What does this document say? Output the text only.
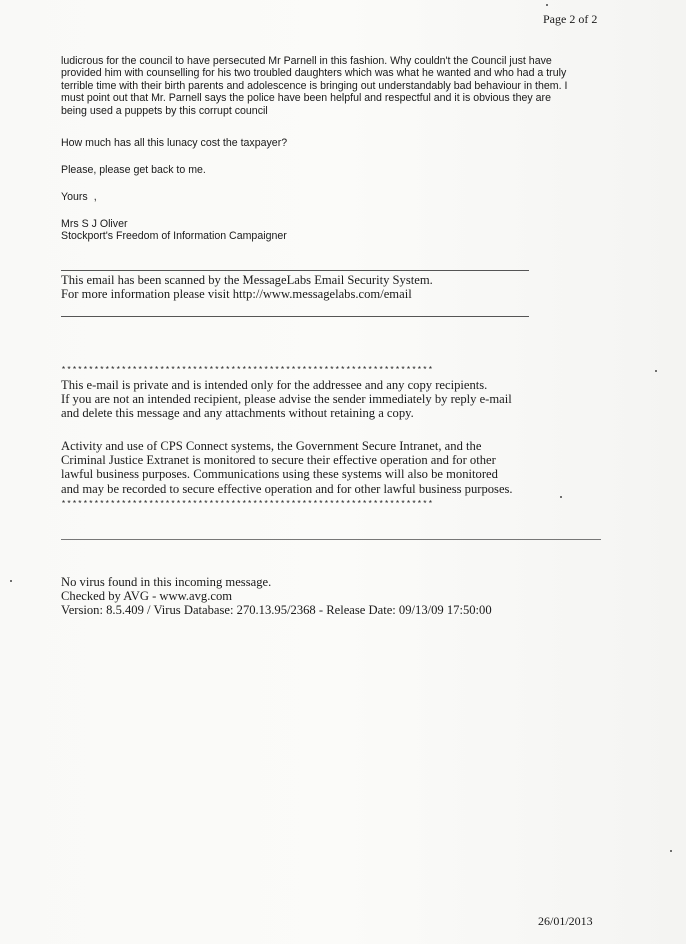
Page 2 of 2
ludicrous for the council to have persecuted Mr Parnell in this fashion. Why couldn't the Council just have
provided him with counselling for his two troubled daughters which was what he wanted and who had a truly
terrible time with their birth parents and adolescence is bringing out understandably bad behaviour in them. I
must point out that Mr. Parnell says the police have been helpful and respectful and it is obvious they are
being used a puppets by this corrupt council
How much has all this lunacy cost the taxpayer?
Please, please get back to me.
Yours ,
Mrs S J Oliver
Stockport's Freedom of Information Campaigner
This email has been scanned by the MessageLabs Email Security System.
For more information please visit http://www.messagelabs.com/email
********************************************************************
This e-mail is private and is intended only for the addressee and any copy recipients.
If you are not an intended recipient, please advise the sender immediately by reply e-mail
and delete this message and any attachments without retaining a copy.
Activity and use of CPS Connect systems, the Government Secure Intranet, and the
Criminal Justice Extranet is monitored to secure their effective operation and for other
lawful business purposes. Communications using these systems will also be monitored
and may be recorded to secure effective operation and for other lawful business purposes.
********************************************************************
No virus found in this incoming message.
Checked by AVG - www.avg.com
Version: 8.5.409 / Virus Database: 270.13.95/2368 - Release Date: 09/13/09 17:50:00
26/01/2013
